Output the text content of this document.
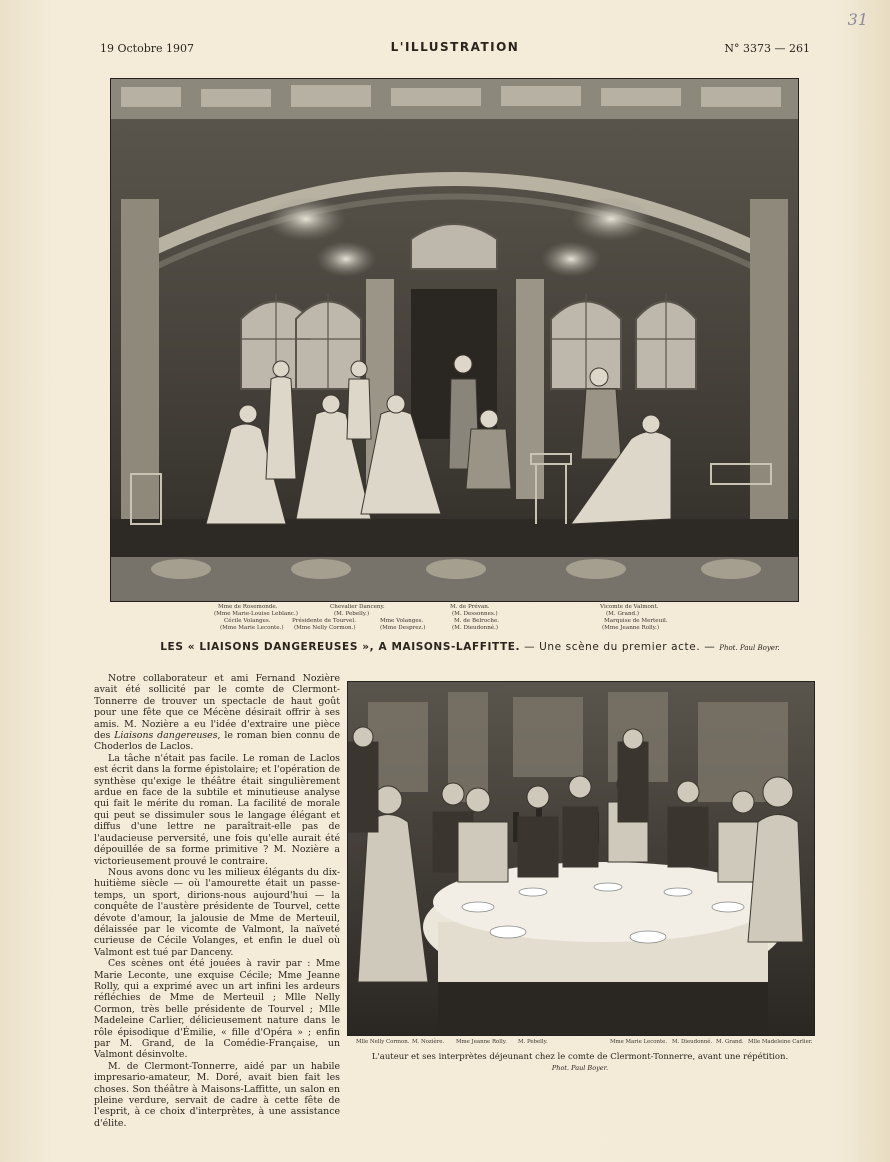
31
19 Octobre 1907	L'ILLUSTRATION	N° 3373 — 261
Mme de Rosemonde.	Chevalier Danceny.	M. de Prévan.	Vicomte de Valmont.
(Mme Marie-Louise Leblanc.)	(M. Pebelly.)	(M. Dessonnes.)	(M. Grand.)
Cécile Volanges.	Présidente de Tourvel.	Mme Volanges.	M. de Belroche.	Marquise de Merteuil.
(Mme Marie Leconte.) (Mme Nelly Cormon.)	(Mme Desprez.)	(M. Dieudonné.)	(Mme Jeanne Rolly.)
LES « LIAISONS DANGEREUSES », A MAISONS-LAFFITTE. — Une scène du premier acte. — Phot. Paul Boyer.

Notre collaborateur et ami Fernand Nozière avait été sollicité par le comte de Clermont-Tonnerre de trouver un spectacle de haut goût pour une fête que ce Mécène désirait offrir à ses amis. M. Nozière a eu l'idée d'extraire une pièce des Liaisons dangereuses, le roman bien connu de Choderlos de Laclos.

La tâche n'était pas facile. Le roman de Laclos est écrit dans la forme épistolaire; et l'opération de synthèse qu'exige le théâtre était singulièrement ardue en face de la subtile et minutieuse analyse qui fait le mérite du roman. La facilité de morale qui peut se dissimuler sous le langage élégant et diffus d'une lettre ne paraîtrait-elle pas de l'audacieuse perversité, une fois qu'elle aurait été dépouillée de sa forme primitive ? M. Nozière a victorieusement prouvé le contraire.

Nous avons donc vu les milieux élégants du dix-huitième siècle — où l'amourette était un passe-temps, un sport, dirions-nous aujourd'hui — la conquête de l'austère présidente de Tourvel, cette dévote d'amour, la jalousie de Mme de Merteuil, délaissée par le vicomte de Valmont, la naïveté curieuse de Cécile Volanges, et enfin le duel où Valmont est tué par Danceny.

Ces scènes ont été jouées à ravir par : Mme Marie Leconte, une exquise Cécile; Mme Jeanne Rolly, qui a exprimé avec un art infini les ardeurs réfléchies de Mme de Merteuil ; Mlle Nelly Cormon, très belle présidente de Tourvel ; Mlle Madeleine Carlier, délicieusement nature dans le rôle épisodique d'Émilie, « fille d'Opéra » ; enfin par M. Grand, de la Comédie-Française, un Valmont désinvolte.

M. de Clermont-Tonnerre, aidé par un habile impresario-amateur, M. Doré, avait bien fait les choses. Son théâtre à Maisons-Laffitte, un salon en pleine verdure, servait de cadre à cette fête de l'esprit, à ce choix d'interprètes, à une assistance d'élite.

Mlle Nelly Cormon. M. Nozière. Mme Jeanne Rolly. M. Pebelly.	Mme Marie Leconte. M. Dieudonné. M. Grand. Mlle Madeleine Carlier.
L'auteur et ses interprètes déjeunant chez le comte de Clermont-Tonnerre, avant une répétition.
Phot. Paul Boyer.
